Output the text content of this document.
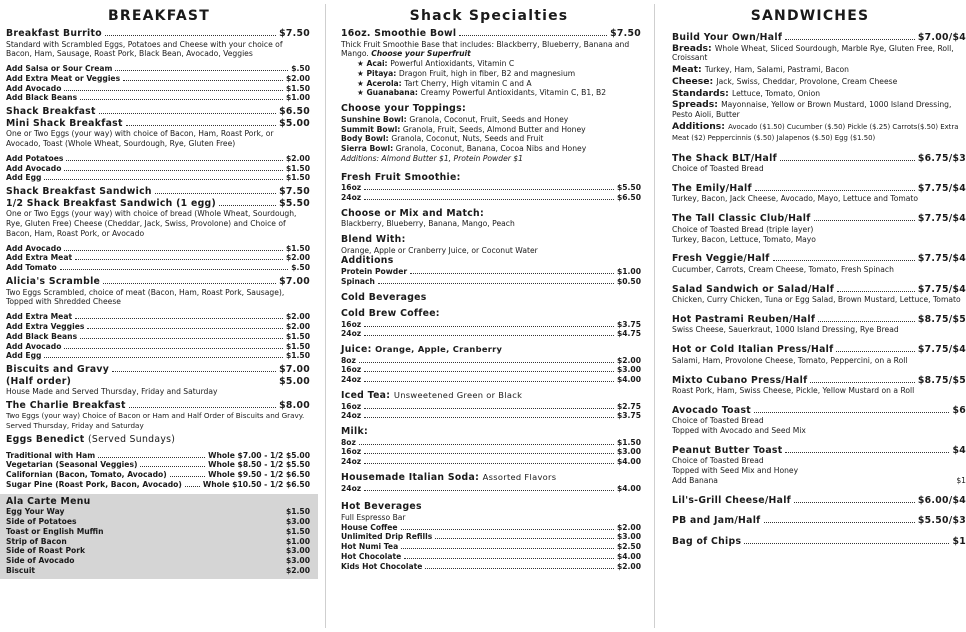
BREAKFAST
Breakfast Burrito	$7.50
Standard with Scrambled Eggs, Potatoes and Cheese with your choice of Bacon, Ham, Sausage, Roast Pork, Black Bean, Avocado, Veggies
Add Salsa or Sour Cream	$.50
Add Extra Meat or Veggies	$2.00
Add Avocado	$1.50
Add Black Beans	$1.00
Shack Breakfast	$6.50
Mini Shack Breakfast	$5.00
One or Two Eggs (your way) with choice of Bacon, Ham, Roast Pork, or Avocado, Toast (Whole Wheat, Sourdough, Rye, Gluten Free)
Add Potatoes	$2.00
Add Avocado	$1.50
Add Egg	$1.50
Shack Breakfast Sandwich	$7.50
1/2 Shack Breakfast Sandwich (1 egg)	$5.50
One or Two Eggs (your way) with choice of bread (Whole Wheat, Sourdough, Rye, Gluten Free) Cheese (Cheddar, Jack, Swiss, Provolone) and Choice of Bacon, Ham, Roast Pork, or Avocado
Add Avocado	$1.50
Add Extra Meat	$2.00
Add Tomato	$.50
Alicia's Scramble	$7.00
Two Eggs Scrambled, choice of meat (Bacon, Ham, Roast Pork, Sausage), Topped with Shredded Cheese
Add Extra Meat	$2.00
Add Extra Veggies	$2.00
Add Black Beans	$1.50
Add Avocado	$1.50
Add Egg	$1.50
Biscuits and Gravy	$7.00
(Half order)	$5.00
House Made and Served Thursday, Friday and Saturday
The Charlie Breakfast	$8.00
Two Eggs (your way) Choice of Bacon or Ham and Half Order of Biscuits and Gravy. Served Thursday, Friday and Saturday
Eggs Benedict (Served Sundays)
Traditional with Ham	Whole $7.00 - 1/2 $5.00
Vegetarian (Seasonal Veggies)	Whole $8.50 - 1/2 $5.50
Californian (Bacon, Tomato, Avocado)	Whole $9.50 - 1/2 $6.50
Sugar Pine (Roast Pork, Bacon, Avocado)	Whole $10.50 - 1/2 $6.50
Ala Carte Menu
Egg Your Way	$1.50
Side of Potatoes	$3.00
Toast or English Muffin	$1.50
Strip of Bacon	$1.00
Side of Roast Pork	$3.00
Side of Avocado	$3.00
Biscuit	$2.00
Shack Specialties
16oz. Smoothie Bowl	$7.50
Thick Fruit Smoothie Base that includes: Blackberry, Blueberry, Banana and Mango. Choose your Superfruit
★ Acai: Powerful Antioxidants, Vitamin C
★ Pitaya: Dragon Fruit, high in fiber, B2 and magnesium
★ Acerola: Tart Cherry, High vitamin C and A
★ Guanabana: Creamy Powerful Antioxidants, Vitamin C, B1, B2
Choose your Toppings:
Sunshine Bowl: Granola, Coconut, Fruit, Seeds and Honey
Summit Bowl: Granola, Fruit, Seeds, Almond Butter and Honey
Body Bowl: Granola, Coconut, Nuts, Seeds and Fruit
Sierra Bowl: Granola, Coconut, Banana, Cocoa Nibs and Honey
Additions: Almond Butter $1, Protein Powder $1
Fresh Fruit Smoothie:
16oz	$5.50
24oz	$6.50
Choose or Mix and Match:
Blackberry, Blueberry, Banana, Mango, Peach
Blend With:
Orange, Apple or Cranberry Juice, or Coconut Water
Additions
Protein Powder	$1.00
Spinach	$0.50
Cold Beverages
Cold Brew Coffee:
16oz	$3.75
24oz	$4.75
Juice: Orange, Apple, Cranberry
8oz	$2.00
16oz	$3.00
24oz	$4.00
Iced Tea: Unsweetened Green or Black
16oz	$2.75
24oz	$3.75
Milk:
8oz	$1.50
16oz	$3.00
24oz	$4.00
Housemade Italian Soda: Assorted Flavors
24oz	$4.00
Hot Beverages
Full Espresso Bar
House Coffee	$2.00
Unlimited Drip Refills	$3.00
Hot Numi Tea	$2.50
Hot Chocolate	$4.00
Kids Hot Chocolate	$2.00
SANDWICHES
Build Your Own/Half	$7.00/$4
Breads: Whole Wheat, Sliced Sourdough, Marble Rye, Gluten Free, Roll, Croissant
Meat: Turkey, Ham, Salami, Pastrami, Bacon
Cheese: Jack, Swiss, Cheddar, Provolone, Cream Cheese
Standards: Lettuce, Tomato, Onion
Spreads: Mayonnaise, Yellow or Brown Mustard, 1000 Island Dressing, Pesto Aioli, Butter
Additions: Avocado ($1.50) Cucumber ($.50) Pickle ($.25) Carrots($.50) Extra Meat ($2) Peppercinnis ($.50) Jalapenos ($.50) Egg ($1.50)
The Shack BLT/Half	$6.75/$3
Choice of Toasted Bread
The Emily/Half	$7.75/$4
Turkey, Bacon, Jack Cheese, Avocado, Mayo, Lettuce and Tomato
The Tall Classic Club/Half	$7.75/$4
Choice of Toasted Bread (triple layer)
Turkey, Bacon, Lettuce, Tomato, Mayo
Fresh Veggie/Half	$7.75/$4
Cucumber, Carrots, Cream Cheese, Tomato, Fresh Spinach
Salad Sandwich or Salad/Half	$7.75/$4
Chicken, Curry Chicken, Tuna or Egg Salad, Brown Mustard, Lettuce, Tomato
Hot Pastrami Reuben/Half	$8.75/$5
Swiss Cheese, Sauerkraut, 1000 Island Dressing, Rye Bread
Hot or Cold Italian Press/Half	$7.75/$4
Salami, Ham, Provolone Cheese, Tomato, Peppercini, on a Roll
Mixto Cubano Press/Half	$8.75/$5
Roast Pork, Ham, Swiss Cheese, Pickle, Yellow Mustard on a Roll
Avocado Toast	$6
Choice of Toasted Bread
Topped with Avocado and Seed Mix
Peanut Butter Toast	$4
Choice of Toasted Bread
Topped with Seed Mix and Honey
Add Banana	$1
Lil's-Grill Cheese/Half	$6.00/$4
PB and Jam/Half	$5.50/$3
Bag of Chips	$1
